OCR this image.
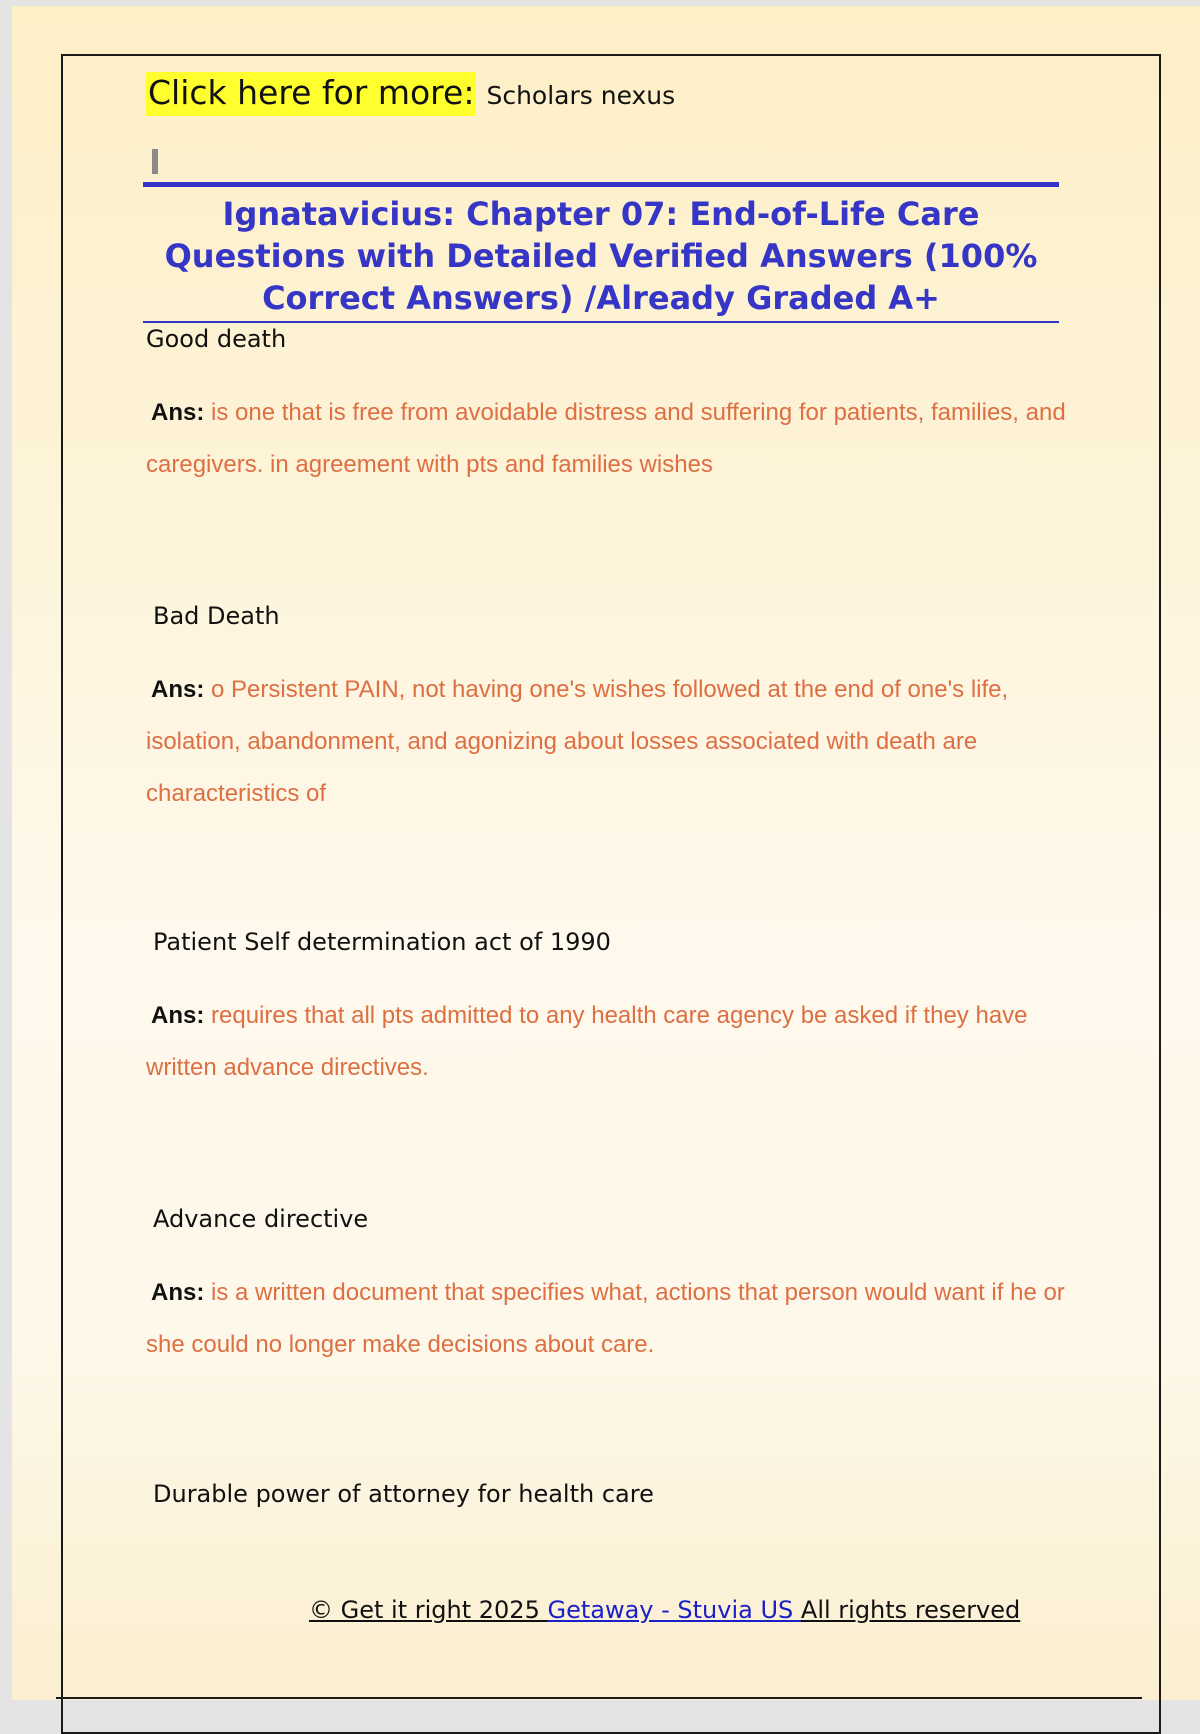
Click here for more: Scholars nexus
Ignatavicius: Chapter 07: End-of-Life Care Questions with Detailed Verified Answers (100% Correct Answers) /Already Graded A+
Good death
Ans: is one that is free from avoidable distress and suffering for patients, families, and caregivers. in agreement with pts and families wishes
Bad Death
Ans: o Persistent PAIN, not having one's wishes followed at the end of one's life, isolation, abandonment, and agonizing about losses associated with death are characteristics of
Patient Self determination act of 1990
Ans: requires that all pts admitted to any health care agency be asked if they have written advance directives.
Advance directive
Ans: is a written document that specifies what, actions that person would want if he or she could no longer make decisions about care.
Durable power of attorney for health care
© Get it right 2025 Getaway - Stuvia US All rights reserved
